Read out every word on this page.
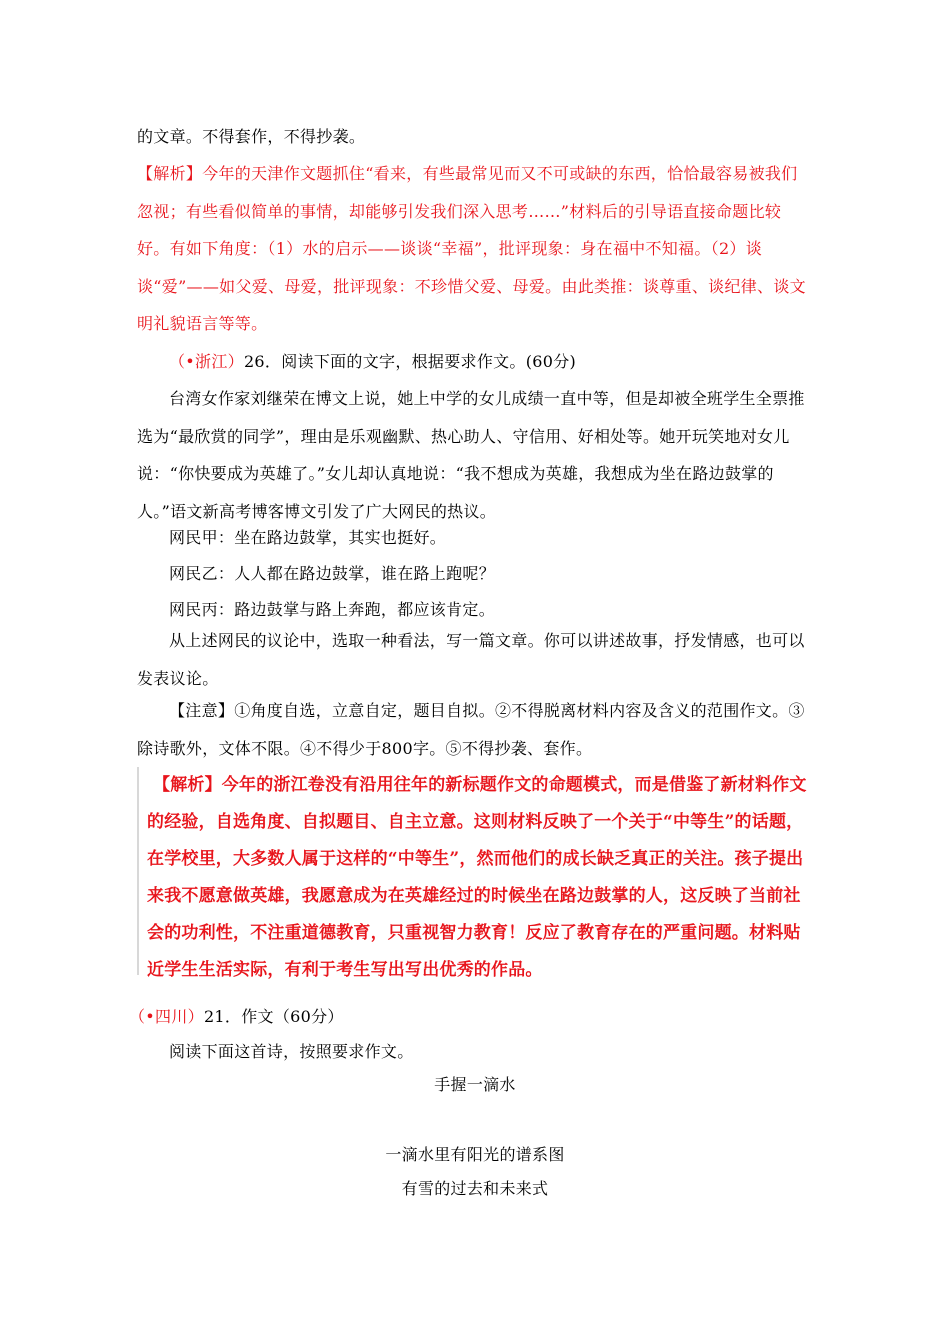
的文章。不得套作，不得抄袭。
【解析】今年的天津作文题抓住“看来，有些最常见而又不可或缺的东西，恰恰最容易被我们忽视；有些看似简单的事情，却能够引发我们深入思考……”材料后的引导语直接命题比较好。有如下角度：（1）水的启示——谈谈“幸福”，批评现象：身在福中不知福。（2）谈谈“爱”——如父爱、母爱，批评现象：不珍惜父爱、母爱。由此类推：谈尊重、谈纪律、谈文明礼貌语言等等。
（•浙江）26．阅读下面的文字，根据要求作文。(60分)
台湾女作家刘继荣在博文上说，她上中学的女儿成绩一直中等，但是却被全班学生全票推选为“最欣赏的同学”，理由是乐观幽默、热心助人、守信用、好相处等。她开玩笑地对女儿说：“你快要成为英雄了。”女儿却认真地说：“我不想成为英雄，我想成为坐在路边鼓掌的人。”语文新高考博客博文引发了广大网民的热议。
网民甲：坐在路边鼓掌，其实也挺好。
网民乙：人人都在路边鼓掌，谁在路上跑呢？
网民丙：路边鼓掌与路上奔跑，都应该肯定。
从上述网民的议论中，选取一种看法，写一篇文章。你可以讲述故事，抒发情感，也可以发表议论。
【注意】①角度自选，立意自定，题目自拟。②不得脱离材料内容及含义的范围作文。③除诗歌外，文体不限。④不得少于800字。⑤不得抄袭、套作。
【解析】今年的浙江卷没有沿用往年的新标题作文的命题模式，而是借鉴了新材料作文的经验，自选角度、自拟题目、自主立意。这则材料反映了一个关于“中等生”的话题，在学校里，大多数人属于这样的“中等生”，然而他们的成长缺乏真正的关注。孩子提出来我不愿意做英雄，我愿意成为在英雄经过的时候坐在路边鼓掌的人，这反映了当前社会的功利性，不注重道德教育，只重视智力教育！反应了教育存在的严重问题。材料贴近学生生活实际，有利于考生写出写出优秀的作品。
（•四川）21．作文（60分）
阅读下面这首诗，按照要求作文。
手握一滴水
一滴水里有阳光的谱系图
有雪的过去和未来式
